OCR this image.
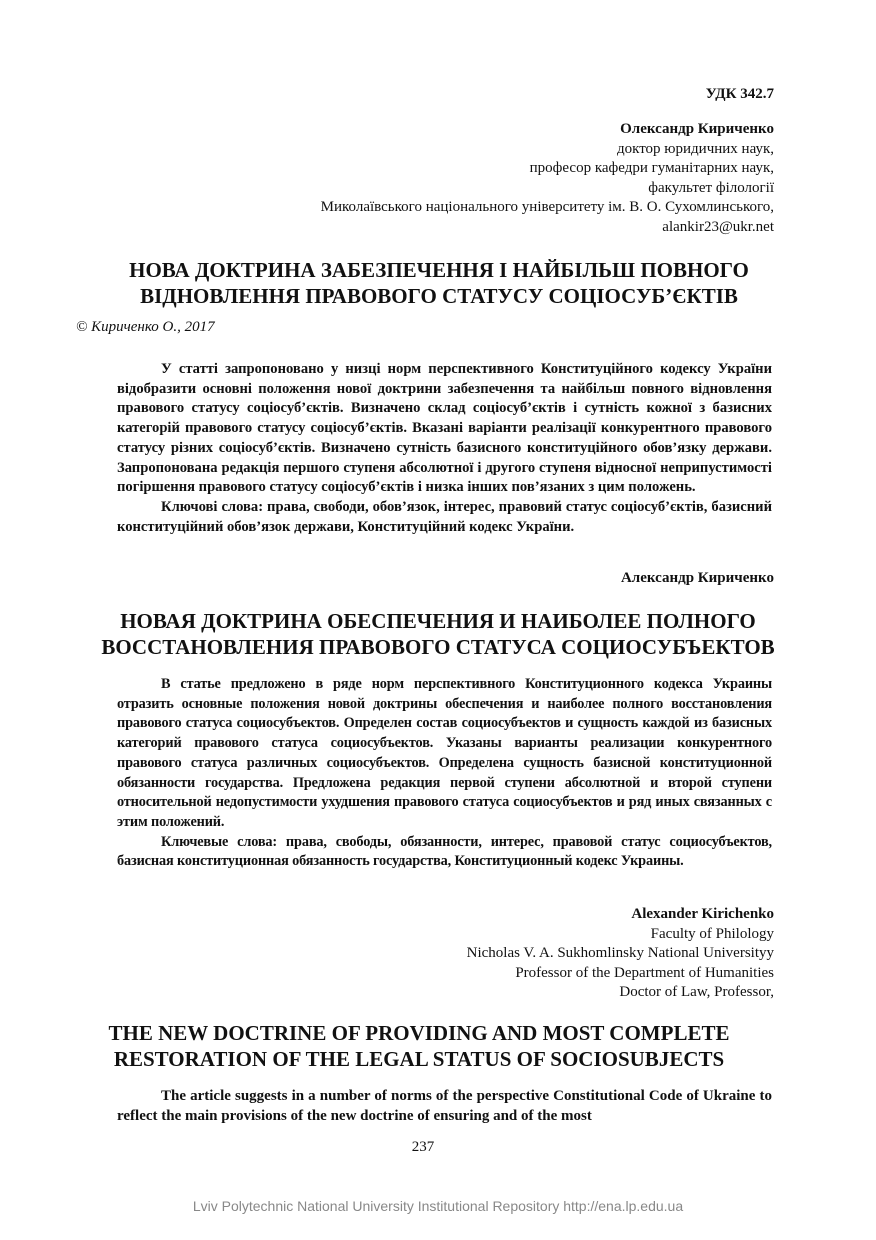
УДК 342.7
Олександр Кириченко
доктор юридичних наук,
професор кафедри гуманітарних наук,
факультет філології
Миколаївського національного університету ім. В. О. Сухомлинського,
alankir23@ukr.net
НОВА ДОКТРИНА ЗАБЕЗПЕЧЕННЯ І НАЙБІЛЬШ ПОВНОГО
ВІДНОВЛЕННЯ ПРАВОВОГО СТАТУСУ СОЦІОСУБ’ЄКТІВ
© Кириченко О., 2017

У статті запропоновано у низці норм перспективного Конституційного кодексу України відобразити основні положення нової доктрини забезпечення та найбільш повного відновлення правового статусу соціосуб’єктів. Визначено склад соціосуб’єктів і сутність кожної з базисних категорій правового статусу соціосуб’єктів. Вказані варіанти реалізації конкурентного правового статусу різних соціосуб’єктів. Визначено сутність базисного конституційного обов’язку держави. Запропонована редакція першого ступеня абсолютної і другого ступеня відносної неприпустимості погіршення правового статусу соціосуб’єктів і низка інших пов’язаних з цим положень.

Ключові слова: права, свободи, обов’язок, інтерес, правовий статус соціосуб’єктів, базисний конституційний обов’язок держави, Конституційний кодекс України.

Александр Кириченко
НОВАЯ ДОКТРИНА ОБЕСПЕЧЕНИЯ И НАИБОЛЕЕ ПОЛНОГО
ВОССТАНОВЛЕНИЯ ПРАВОВОГО СТАТУСА СОЦИОСУБЪЕКТОВ

В статье предложено в ряде норм перспективного Конституционного кодекса Украины отразить основные положения новой доктрины обеспечения и наиболее полного восстановления правового статуса социосубъектов. Определен состав социосубъектов и сущность каждой из базисных категорий правового статуса социосубъектов. Указаны варианты реализации конкурентного правового статуса различных социосубъектов. Определена сущность базисной конституционной обязанности государства. Предложена редакция первой ступени абсолютной и второй ступени относительной недопустимости ухудшения правового статуса социосубъектов и ряд иных связанных с этим положений.

Ключевые слова: права, свободы, обязанности, интерес, правовой статус социосубъектов, базисная конституционная обязанность государства, Конституционный кодекс Украины.

Alexander Kirichenko
Faculty of Philology
Nicholas V. A. Sukhomlinsky National Universityy
Professor of the Department of Humanities
Doctor of Law, Professor,
THE NEW DOCTRINE OF PROVIDING AND MOST COMPLETE
RESTORATION OF THE LEGAL STATUS OF SOCIOSUBJECTS

The article suggests in a number of norms of the perspective Constitutional Code of Ukraine to reflect the main provisions of the new doctrine of ensuring and of the most

237
Lviv Polytechnic National University Institutional Repository http://ena.lp.edu.ua
